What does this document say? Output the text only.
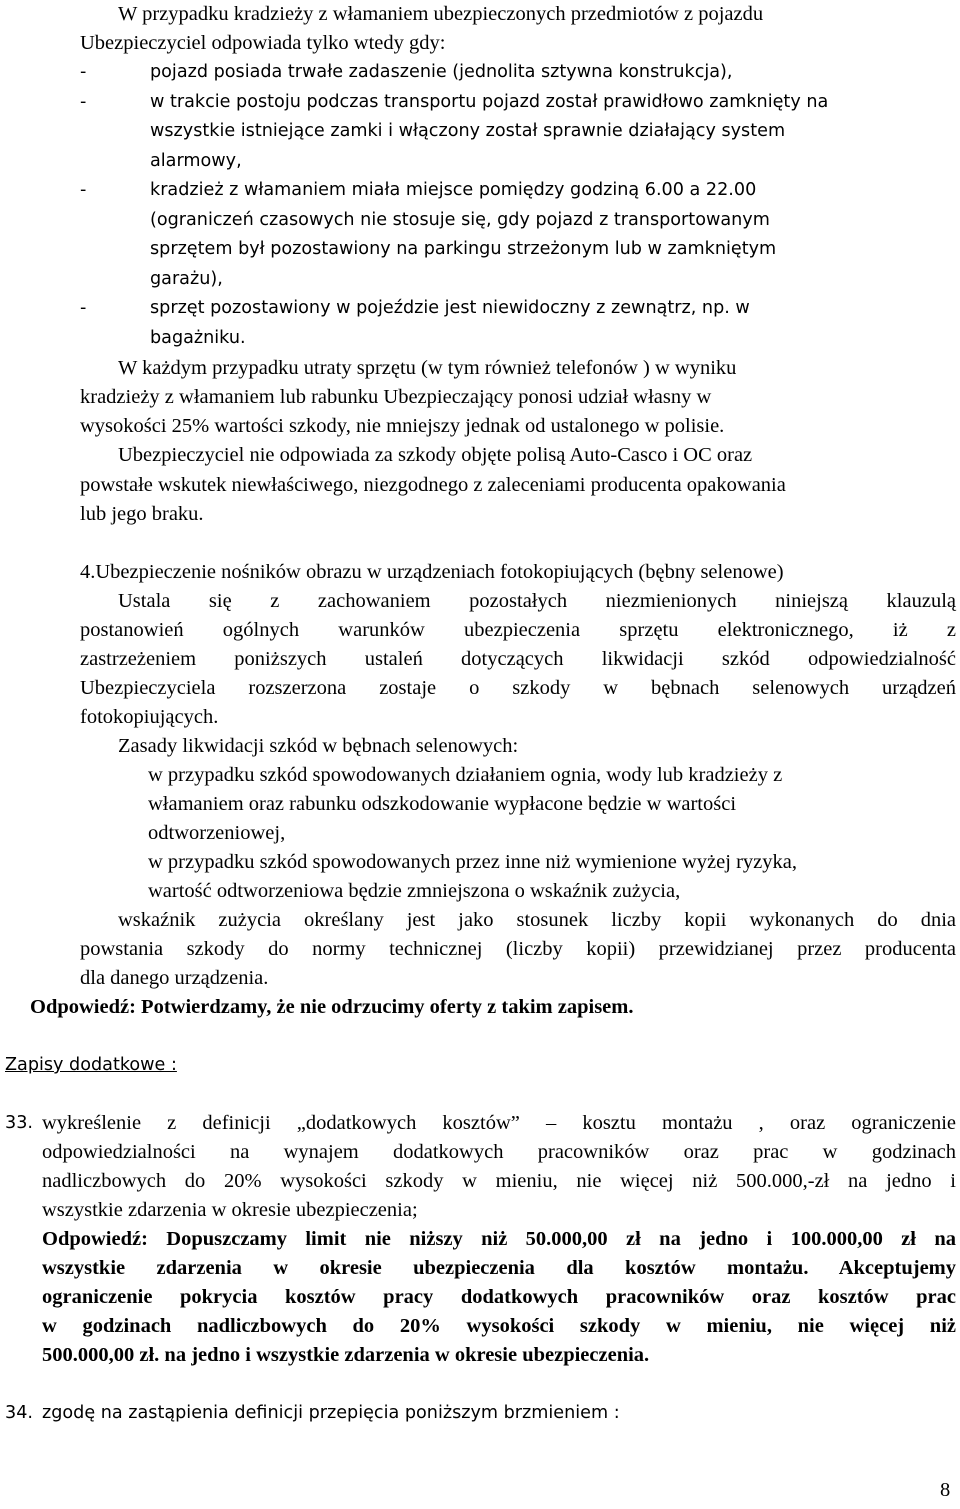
W przypadku kradzieży z włamaniem ubezpieczonych przedmiotów z pojazdu
Ubezpieczyciel odpowiada tylko wtedy gdy:
-	pojazd posiada trwałe zadaszenie (jednolita sztywna konstrukcja),
-	w trakcie postoju podczas transportu pojazd został prawidłowo zamknięty na
wszystkie istniejące zamki i włączony został sprawnie działający system
alarmowy,
-	kradzież z włamaniem miała miejsce pomiędzy godziną 6.00 a 22.00
(ograniczeń czasowych nie stosuje się, gdy pojazd z transportowanym
sprzętem był pozostawiony na parkingu strzeżonym lub w zamkniętym
garażu),
-	sprzęt pozostawiony w pojeździe jest niewidoczny z zewnątrz, np. w
bagażniku.
W każdym przypadku utraty sprzętu (w tym również telefonów ) w wyniku
kradzieży z włamaniem lub rabunku Ubezpieczający ponosi udział własny w
wysokości 25% wartości szkody, nie mniejszy jednak od ustalonego w polisie.
Ubezpieczyciel nie odpowiada za szkody objęte polisą Auto-Casco i OC oraz
powstałe wskutek niewłaściwego, niezgodnego z zaleceniami producenta opakowania
lub jego braku.
4.Ubezpieczenie nośników obrazu w urządzeniach fotokopiujących (bębny selenowe)
Ustala się z zachowaniem pozostałych niezmienionych niniejszą klauzulą
postanowień ogólnych warunków ubezpieczenia sprzętu elektronicznego, iż z
zastrzeżeniem poniższych ustaleń dotyczących likwidacji szkód odpowiedzialność
Ubezpieczyciela rozszerzona zostaje o szkody w bębnach selenowych urządzeń
fotokopiujących.
Zasady likwidacji szkód w bębnach selenowych:
w przypadku szkód spowodowanych działaniem ognia, wody lub kradzieży z
włamaniem oraz rabunku odszkodowanie wypłacone będzie w wartości
odtworzeniowej,
w przypadku szkód spowodowanych przez inne niż wymienione wyżej ryzyka,
wartość odtworzeniowa będzie zmniejszona o wskaźnik zużycia,
wskaźnik zużycia określany jest jako stosunek liczby kopii wykonanych do dnia
powstania szkody do normy technicznej (liczby kopii) przewidzianej przez producenta
dla danego urządzenia.
Odpowiedź: Potwierdzamy, że nie odrzucimy oferty z takim zapisem.
Zapisy dodatkowe :
33. wykreślenie z definicji „dodatkowych kosztów” – kosztu montażu , oraz ograniczenie
odpowiedzialności na wynajem dodatkowych pracowników oraz prac w godzinach
nadliczbowych do 20% wysokości szkody w mieniu, nie więcej niż 500.000,-zł na jedno i
wszystkie zdarzenia w okresie ubezpieczenia;
Odpowiedź: Dopuszczamy limit nie niższy niż 50.000,00 zł na jedno i 100.000,00 zł na
wszystkie zdarzenia w okresie ubezpieczenia dla kosztów montażu. Akceptujemy
ograniczenie pokrycia kosztów pracy dodatkowych pracowników oraz kosztów prac
w godzinach nadliczbowych do 20% wysokości szkody w mieniu, nie więcej niż
500.000,00 zł. na jedno i wszystkie zdarzenia w okresie ubezpieczenia.
34. zgodę na zastąpienia definicji przepięcia poniższym brzmieniem :
8
